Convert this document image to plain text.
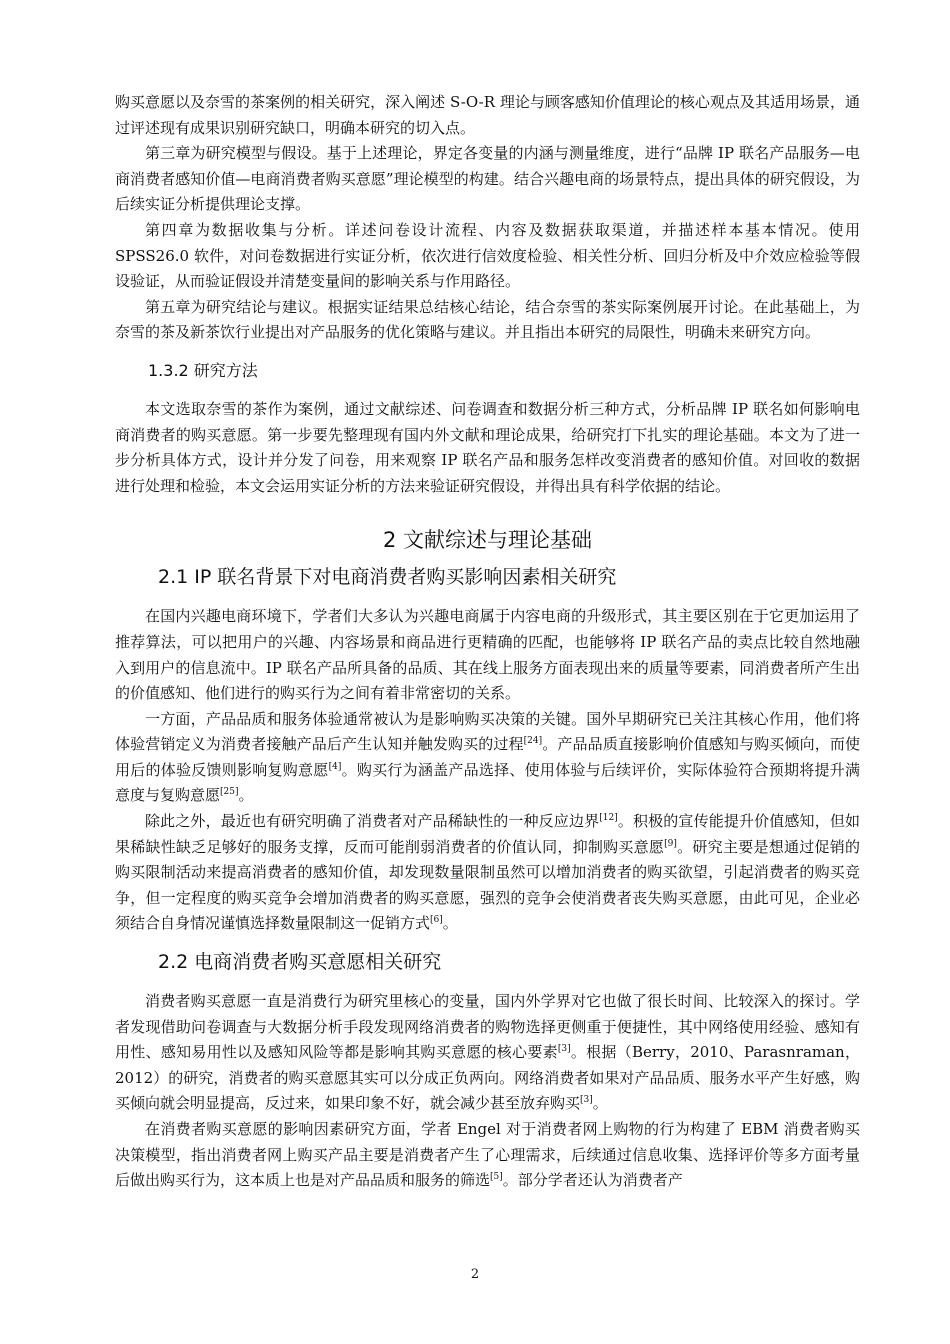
购买意愿以及奈雪的茶案例的相关研究，深入阐述 S-O-R 理论与顾客感知价值理论的核心观点及其适用场景，通过评述现有成果识别研究缺口，明确本研究的切入点。

第三章为研究模型与假设。基于上述理论，界定各变量的内涵与测量维度，进行“品牌 IP 联名产品服务—电商消费者感知价值—电商消费者购买意愿”理论模型的构建。结合兴趣电商的场景特点，提出具体的研究假设，为后续实证分析提供理论支撑。

第四章为数据收集与分析。详述问卷设计流程、内容及数据获取渠道，并描述样本基本情况。使用 SPSS26.0 软件，对问卷数据进行实证分析，依次进行信效度检验、相关性分析、回归分析及中介效应检验等假设验证，从而验证假设并清楚变量间的影响关系与作用路径。

第五章为研究结论与建议。根据实证结果总结核心结论，结合奈雪的茶实际案例展开讨论。在此基础上，为奈雪的茶及新茶饮行业提出对产品服务的优化策略与建议。并且指出本研究的局限性，明确未来研究方向。

1.3.2 研究方法

本文选取奈雪的茶作为案例，通过文献综述、问卷调查和数据分析三种方式，分析品牌 IP 联名如何影响电商消费者的购买意愿。第一步要先整理现有国内外文献和理论成果，给研究打下扎实的理论基础。本文为了进一步分析具体方式，设计并分发了问卷，用来观察 IP 联名产品和服务怎样改变消费者的感知价值。对回收的数据进行处理和检验，本文会运用实证分析的方法来验证研究假设，并得出具有科学依据的结论。

2 文献综述与理论基础
2.1 IP 联名背景下对电商消费者购买影响因素相关研究

在国内兴趣电商环境下，学者们大多认为兴趣电商属于内容电商的升级形式，其主要区别在于它更加运用了推荐算法，可以把用户的兴趣、内容场景和商品进行更精确的匹配，也能够将 IP 联名产品的卖点比较自然地融入到用户的信息流中。IP 联名产品所具备的品质、其在线上服务方面表现出来的质量等要素，同消费者所产生出的价值感知、他们进行的购买行为之间有着非常密切的关系。

一方面，产品品质和服务体验通常被认为是影响购买决策的关键。国外早期研究已关注其核心作用，他们将体验营销定义为消费者接触产品后产生认知并触发购买的过程[24]。产品品质直接影响价值感知与购买倾向，而使用后的体验反馈则影响复购意愿[4]。购买行为涵盖产品选择、使用体验与后续评价，实际体验符合预期将提升满意度与复购意愿[25]。

除此之外，最近也有研究明确了消费者对产品稀缺性的一种反应边界[12]。积极的宣传能提升价值感知，但如果稀缺性缺乏足够好的服务支撑，反而可能削弱消费者的价值认同，抑制购买意愿[9]。研究主要是想通过促销的购买限制活动来提高消费者的感知价值，却发现数量限制虽然可以增加消费者的购买欲望，引起消费者的购买竞争，但一定程度的购买竞争会增加消费者的购买意愿，强烈的竞争会使消费者丧失购买意愿，由此可见，企业必须结合自身情况谨慎选择数量限制这一促销方式[6]。

2.2 电商消费者购买意愿相关研究

消费者购买意愿一直是消费行为研究里核心的变量，国内外学界对它也做了很长时间、比较深入的探讨。学者发现借助问卷调查与大数据分析手段发现网络消费者的购物选择更侧重于便捷性，其中网络使用经验、感知有用性、感知易用性以及感知风险等都是影响其购买意愿的核心要素[3]。根据（Berry，2010、Parasnraman，2012）的研究，消费者的购买意愿其实可以分成正负两向。网络消费者如果对产品品质、服务水平产生好感，购买倾向就会明显提高，反过来，如果印象不好，就会减少甚至放弃购买[3]。

在消费者购买意愿的影响因素研究方面，学者 Engel 对于消费者网上购物的行为构建了 EBM 消费者购买决策模型，指出消费者网上购买产品主要是消费者产生了心理需求，后续通过信息收集、选择评价等多方面考量后做出购买行为，这本质上也是对产品品质和服务的筛选[5]。部分学者还认为消费者产

2
